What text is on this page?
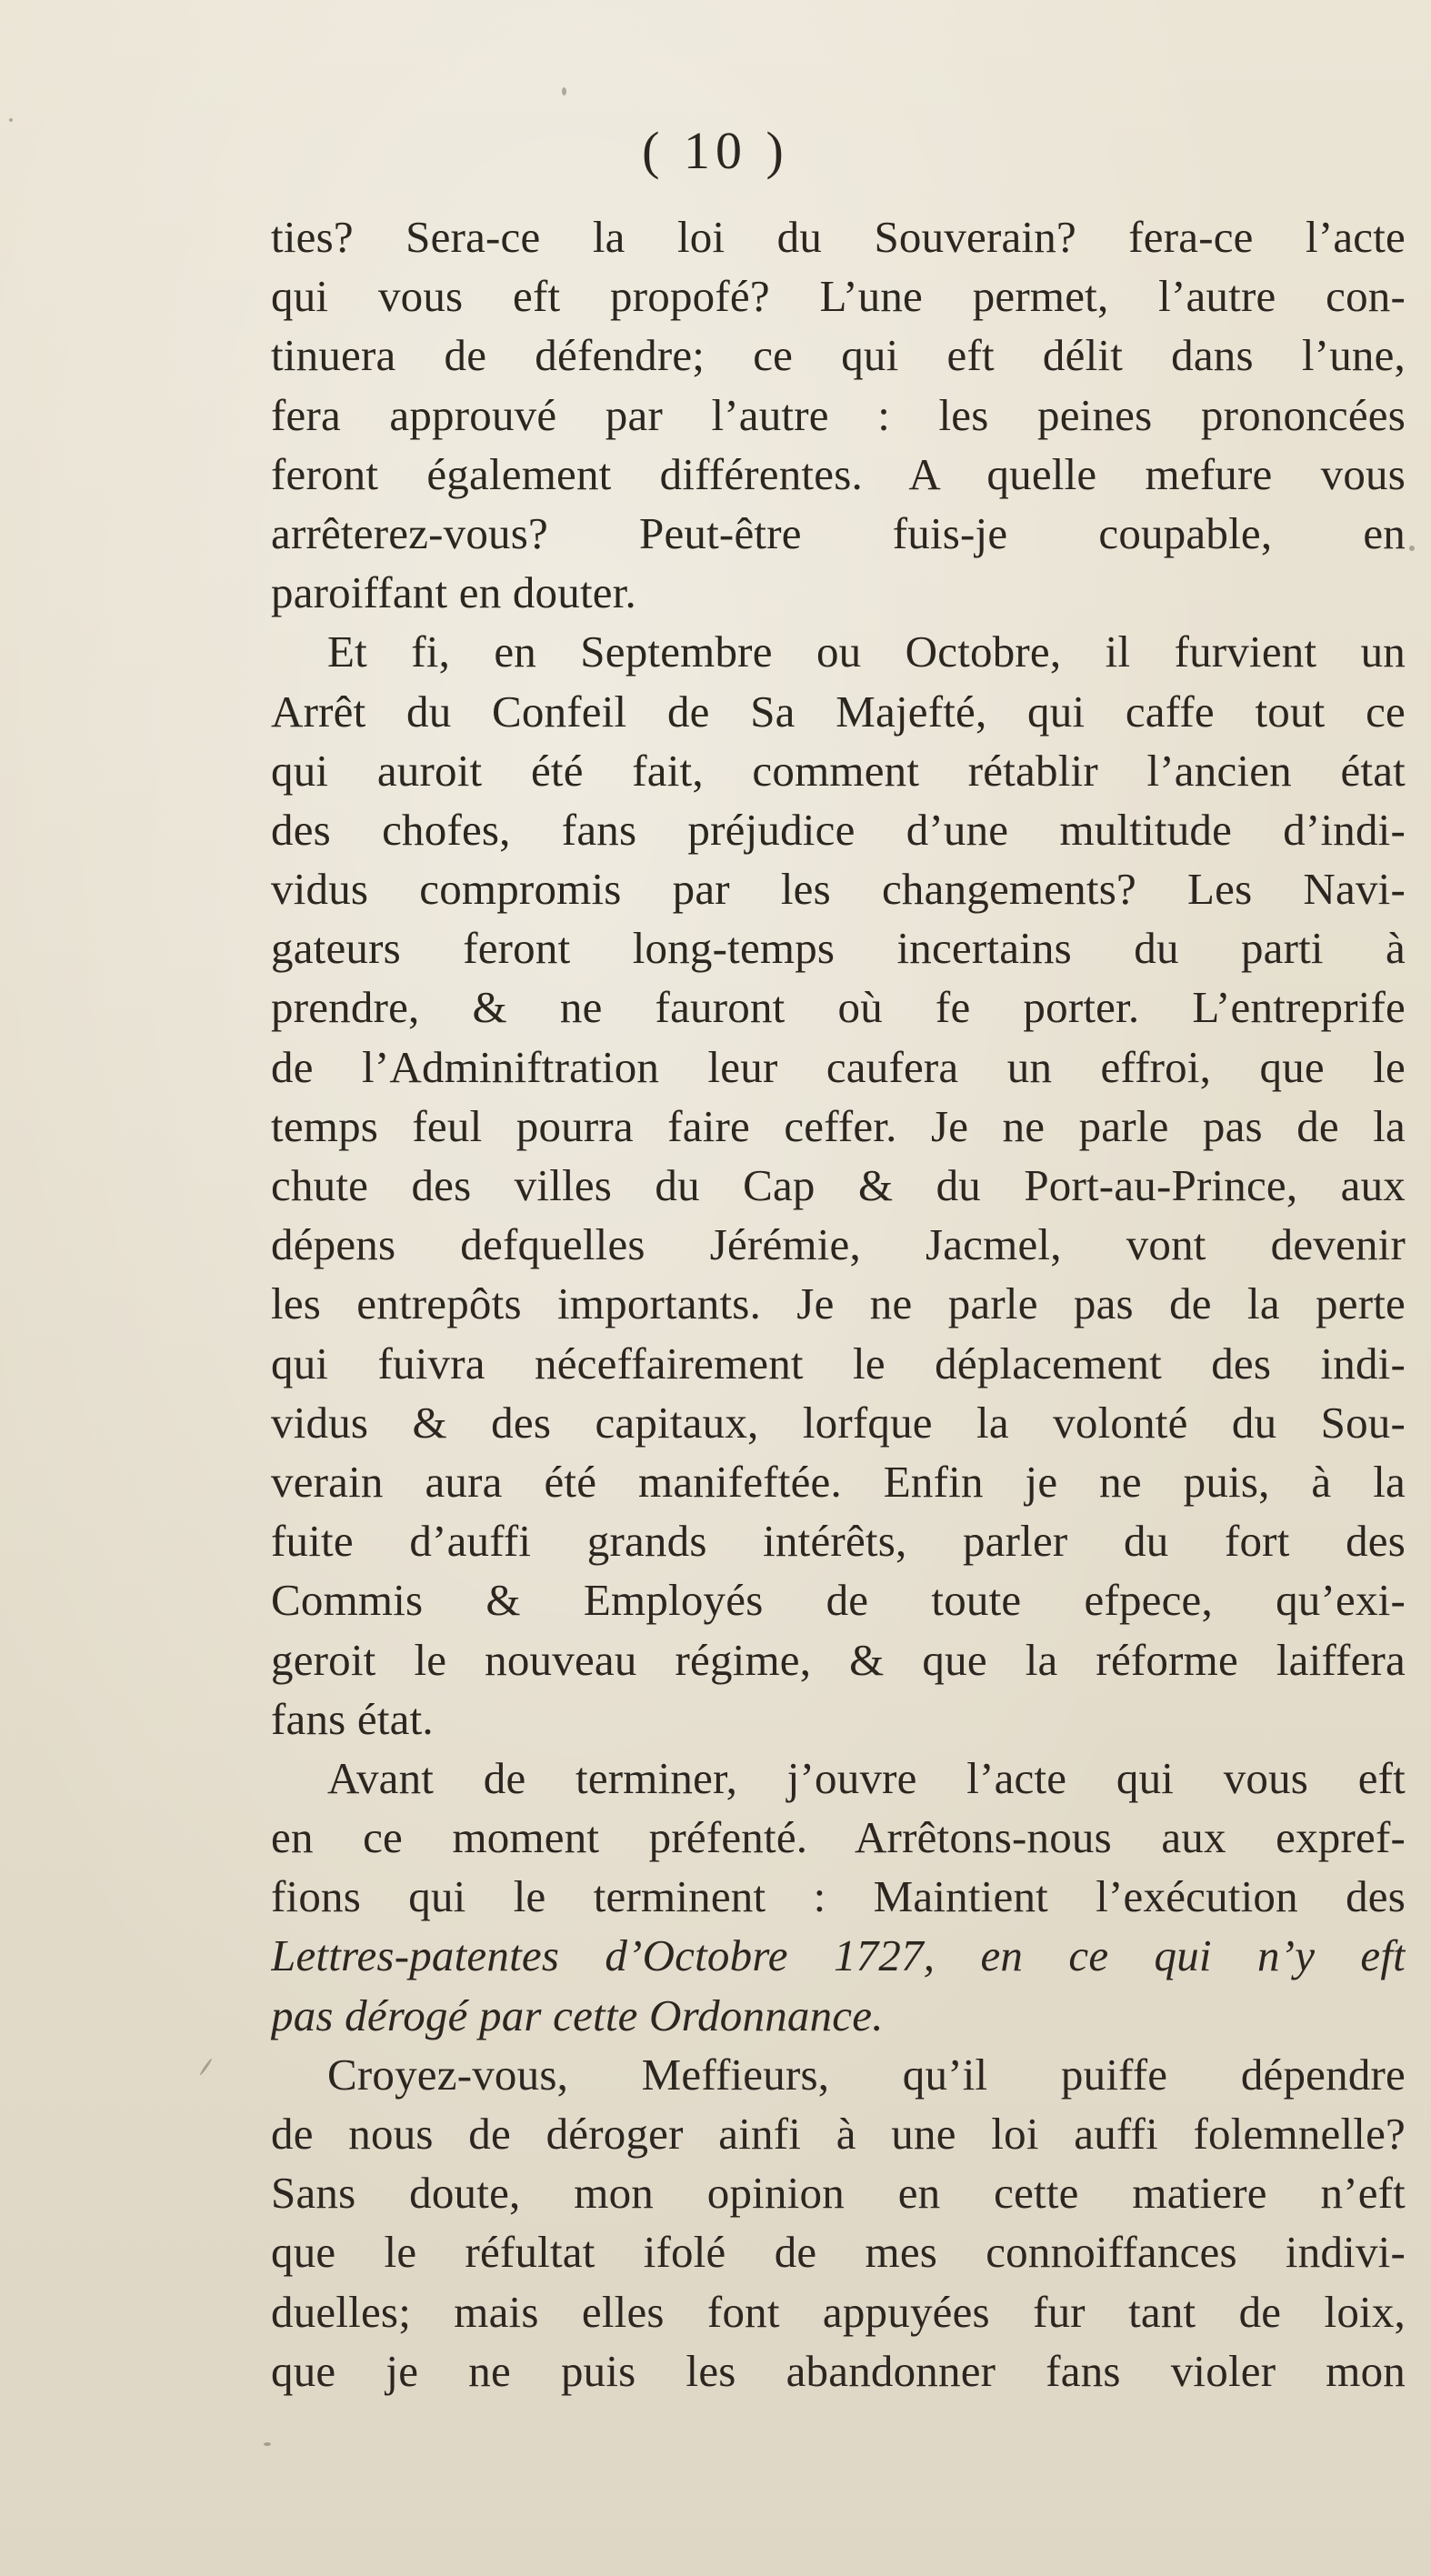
( 10 )
ties? Sera-ce la loi du Souverain? fera-ce l’acte
qui vous eft propofé? L’une permet, l’autre con-
tinuera de défendre; ce qui eft délit dans l’une,
fera approuvé par l’autre : les peines prononcées
feront également différentes. A quelle mefure vous
arrêterez-vous? Peut-être fuis-je coupable, en
paroiffant en douter.
Et fi, en Septembre ou Octobre, il furvient un
Arrêt du Confeil de Sa Majefté, qui caffe tout ce
qui auroit été fait, comment rétablir l’ancien état
des chofes, fans préjudice d’une multitude d’indi-
vidus compromis par les changements? Les Navi-
gateurs feront long-temps incertains du parti à
prendre, & ne fauront où fe porter. L’entreprife
de l’Adminiftration leur caufera un effroi, que le
temps feul pourra faire ceffer. Je ne parle pas de la
chute des villes du Cap & du Port-au-Prince, aux
dépens defquelles Jérémie, Jacmel, vont devenir
les entrepôts importants. Je ne parle pas de la perte
qui fuivra néceffairement le déplacement des indi-
vidus & des capitaux, lorfque la volonté du Sou-
verain aura été manifeftée. Enfin je ne puis, à la
fuite d’auffi grands intérêts, parler du fort des
Commis & Employés de toute efpece, qu’exi-
geroit le nouveau régime, & que la réforme laiffera
fans état.
Avant de terminer, j’ouvre l’acte qui vous eft
en ce moment préfenté. Arrêtons-nous aux expref-
fions qui le terminent : Maintient l’exécution des
Lettres-patentes d’Octobre 1727, en ce qui n’y eft
pas dérogé par cette Ordonnance.
Croyez-vous, Meffieurs, qu’il puiffe dépendre
de nous de déroger ainfi à une loi auffi folemnelle?
Sans doute, mon opinion en cette matiere n’eft
que le réfultat ifolé de mes connoiffances indivi-
duelles; mais elles font appuyées fur tant de loix,
que je ne puis les abandonner fans violer mon
